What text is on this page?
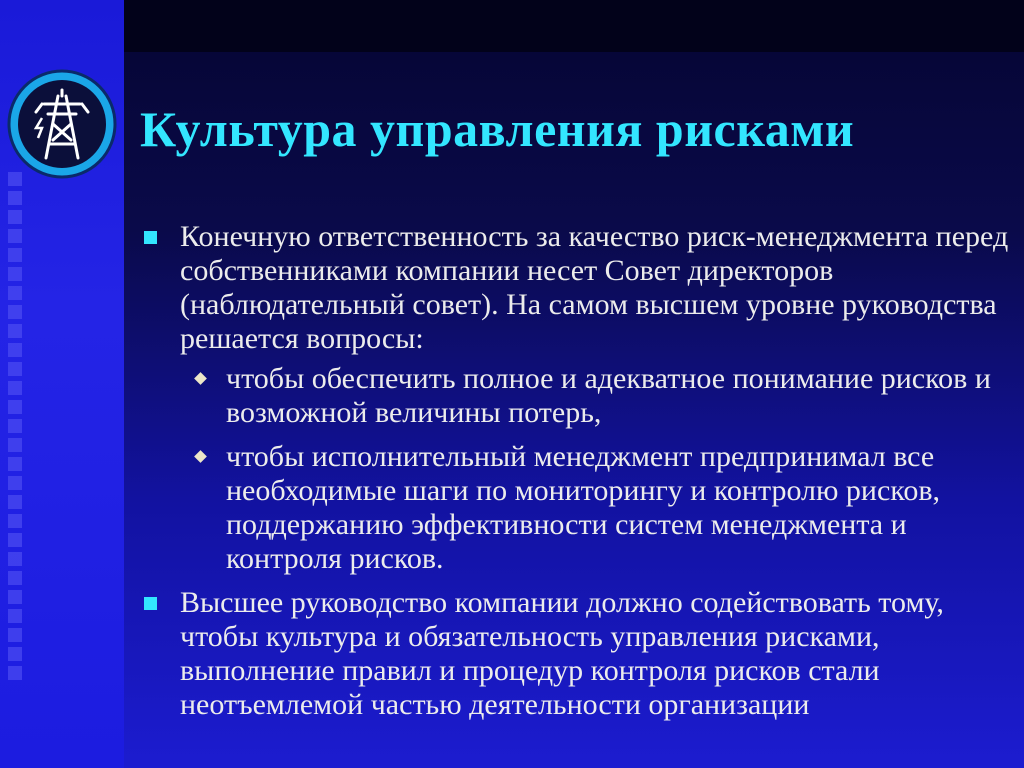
Культура управления рисками
Конечную ответственность за качество риск-менеджмента перед собственниками компании несет Совет директоров (наблюдательный совет). На самом высшем уровне руководства решается вопросы:
чтобы обеспечить полное и адекватное понимание рисков и возможной величины потерь,
чтобы исполнительный менеджмент предпринимал все необходимые шаги по мониторингу и контролю рисков, поддержанию эффективности систем менеджмента и контроля рисков.
Высшее руководство компании должно содействовать тому, чтобы культура и обязательность управления рисками, выполнение правил и процедур контроля рисков стали неотъемлемой частью деятельности организации
